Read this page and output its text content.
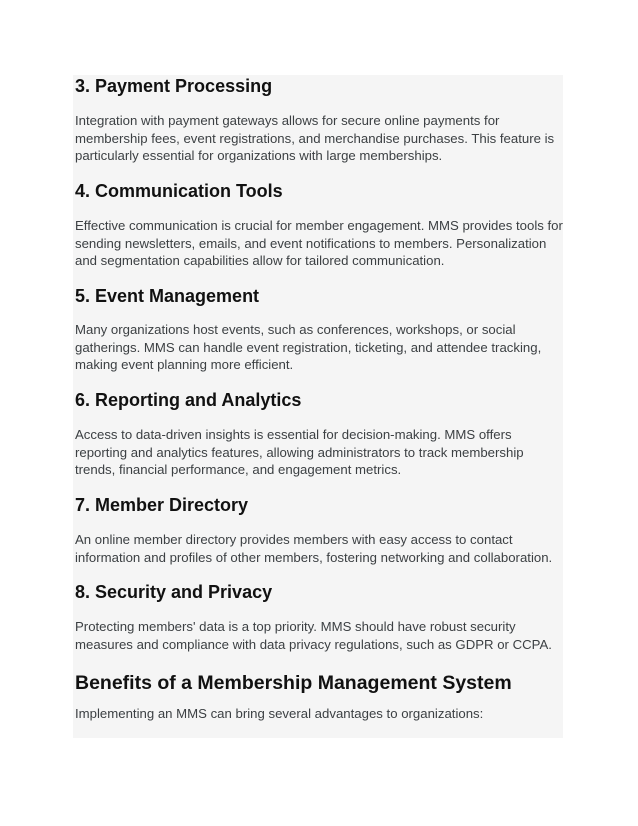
3. Payment Processing

Integration with payment gateways allows for secure online payments for membership fees, event registrations, and merchandise purchases. This feature is particularly essential for organizations with large memberships.

4. Communication Tools

Effective communication is crucial for member engagement. MMS provides tools for sending newsletters, emails, and event notifications to members. Personalization and segmentation capabilities allow for tailored communication.

5. Event Management

Many organizations host events, such as conferences, workshops, or social gatherings. MMS can handle event registration, ticketing, and attendee tracking, making event planning more efficient.

6. Reporting and Analytics

Access to data-driven insights is essential for decision-making. MMS offers reporting and analytics features, allowing administrators to track membership trends, financial performance, and engagement metrics.

7. Member Directory

An online member directory provides members with easy access to contact information and profiles of other members, fostering networking and collaboration.

8. Security and Privacy

Protecting members' data is a top priority. MMS should have robust security measures and compliance with data privacy regulations, such as GDPR or CCPA.

Benefits of a Membership Management System

Implementing an MMS can bring several advantages to organizations:
